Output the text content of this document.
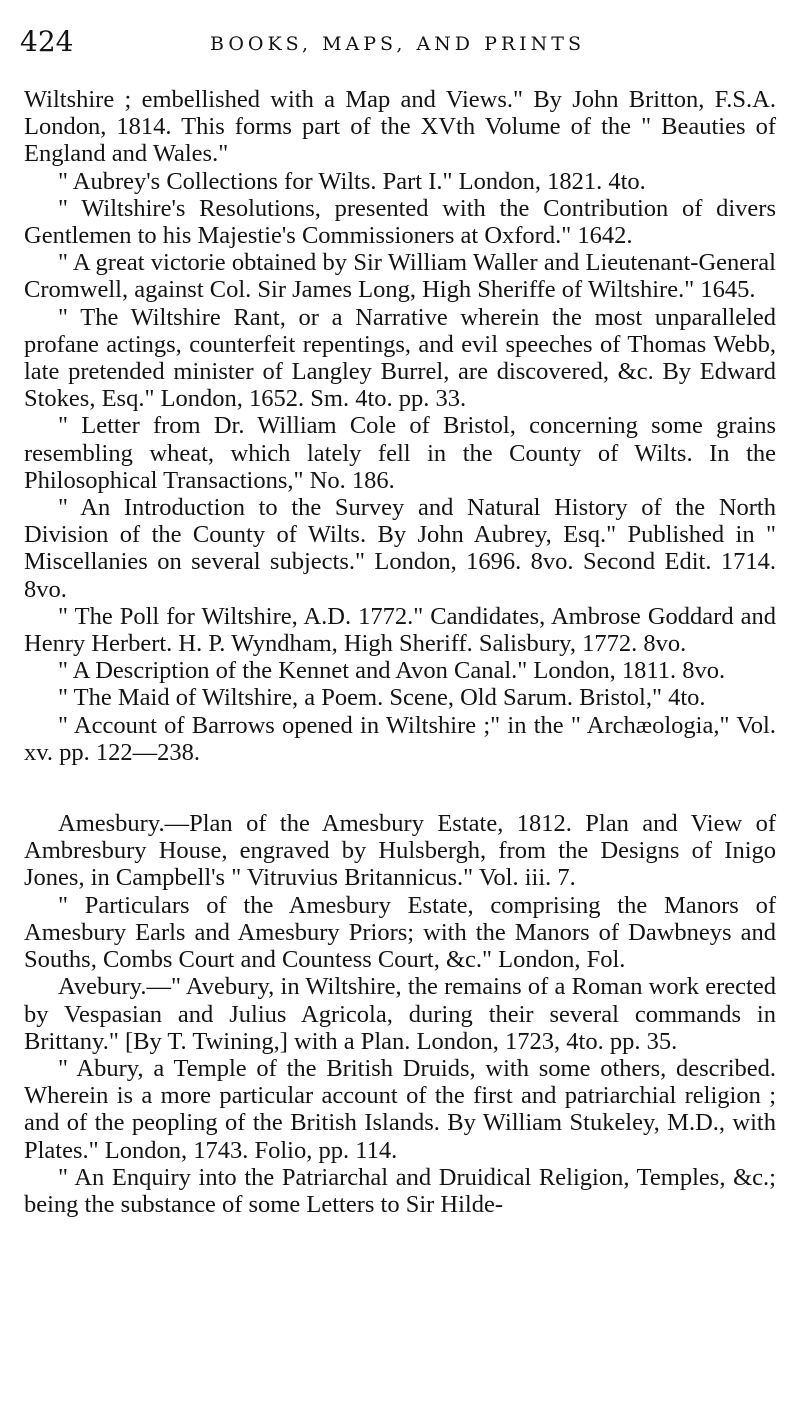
424	BOOKS, MAPS, AND PRINTS

Wiltshire ; embellished with a Map and Views." By John Britton, F.S.A. London, 1814. This forms part of the XVth Volume of the " Beauties of England and Wales."

" Aubrey's Collections for Wilts. Part I." London, 1821. 4to.

" Wiltshire's Resolutions, presented with the Contribution of divers Gentlemen to his Majestie's Commissioners at Oxford." 1642.

" A great victorie obtained by Sir William Waller and Lieutenant-General Cromwell, against Col. Sir James Long, High Sheriffe of Wiltshire." 1645.

" The Wiltshire Rant, or a Narrative wherein the most unparalleled profane actings, counterfeit repentings, and evil speeches of Thomas Webb, late pretended minister of Langley Burrel, are discovered, &c. By Edward Stokes, Esq." London, 1652. Sm. 4to. pp. 33.

" Letter from Dr. William Cole of Bristol, concerning some grains resembling wheat, which lately fell in the County of Wilts. In the Philosophical Transactions," No. 186.

" An Introduction to the Survey and Natural History of the North Division of the County of Wilts. By John Aubrey, Esq." Published in " Miscellanies on several subjects." London, 1696. 8vo. Second Edit. 1714. 8vo.

" The Poll for Wiltshire, A.D. 1772." Candidates, Ambrose Goddard and Henry Herbert. H. P. Wyndham, High Sheriff. Salisbury, 1772. 8vo.

" A Description of the Kennet and Avon Canal." London, 1811. 8vo.

" The Maid of Wiltshire, a Poem. Scene, Old Sarum. Bristol," 4to.

" Account of Barrows opened in Wiltshire ;" in the " Archæologia," Vol. xv. pp. 122—238.

Amesbury.—Plan of the Amesbury Estate, 1812. Plan and View of Ambresbury House, engraved by Hulsbergh, from the Designs of Inigo Jones, in Campbell's " Vitruvius Britannicus." Vol. iii. 7.

" Particulars of the Amesbury Estate, comprising the Manors of Amesbury Earls and Amesbury Priors; with the Manors of Dawbneys and Souths, Combs Court and Countess Court, &c." London, Fol.

Avebury.—" Avebury, in Wiltshire, the remains of a Roman work erected by Vespasian and Julius Agricola, during their several commands in Brittany." [By T. Twining,] with a Plan. London, 1723, 4to. pp. 35.

" Abury, a Temple of the British Druids, with some others, described. Wherein is a more particular account of the first and patriarchial religion ; and of the peopling of the British Islands. By William Stukeley, M.D., with Plates." London, 1743. Folio, pp. 114.

" An Enquiry into the Patriarchal and Druidical Religion, Temples, &c.; being the substance of some Letters to Sir Hilde-
